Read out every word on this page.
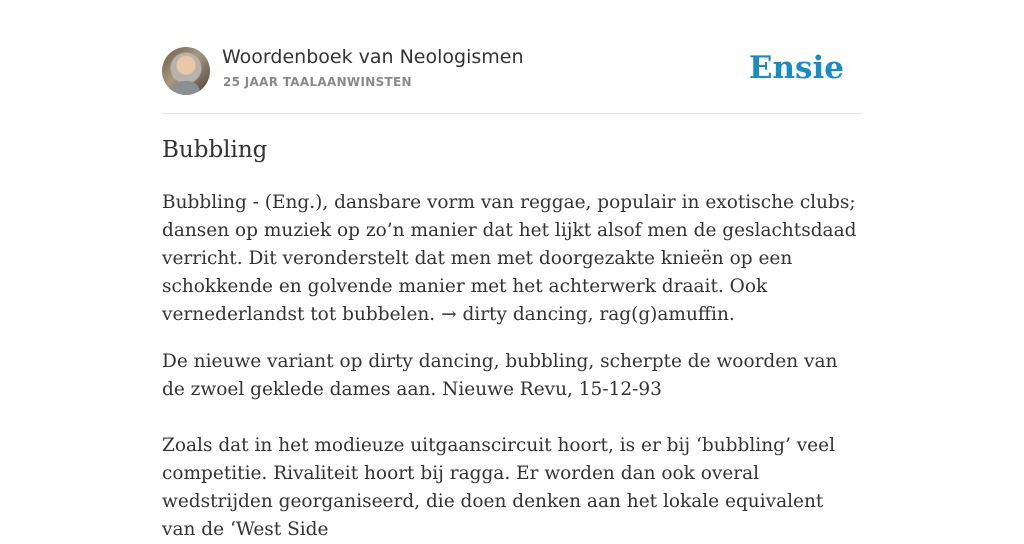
Woordenboek van Neologismen
25 JAAR TAALAANWINSTEN	Ensie
Bubbling

Bubbling - (Eng.), dansbare vorm van reggae, populair in exotische clubs; dansen op muziek op zo’n manier dat het lijkt alsof men de geslachtsdaad verricht. Dit veronderstelt dat men met doorgezakte knieën op een schokkende en golvende manier met het achterwerk draait. Ook vernederlandst tot bubbelen. → dirty dancing, rag(g)amuffin.

De nieuwe variant op dirty dancing, bubbling, scherpte de woorden van de zwoel geklede dames aan. Nieuwe Revu, 15-12-93

Zoals dat in het modieuze uitgaanscircuit hoort, is er bij ‘bubbling’ veel competitie. Rivaliteit hoort bij ragga. Er worden dan ook overal wedstrijden georganiseerd, die doen denken aan het lokale equivalent van de ‘West Side
